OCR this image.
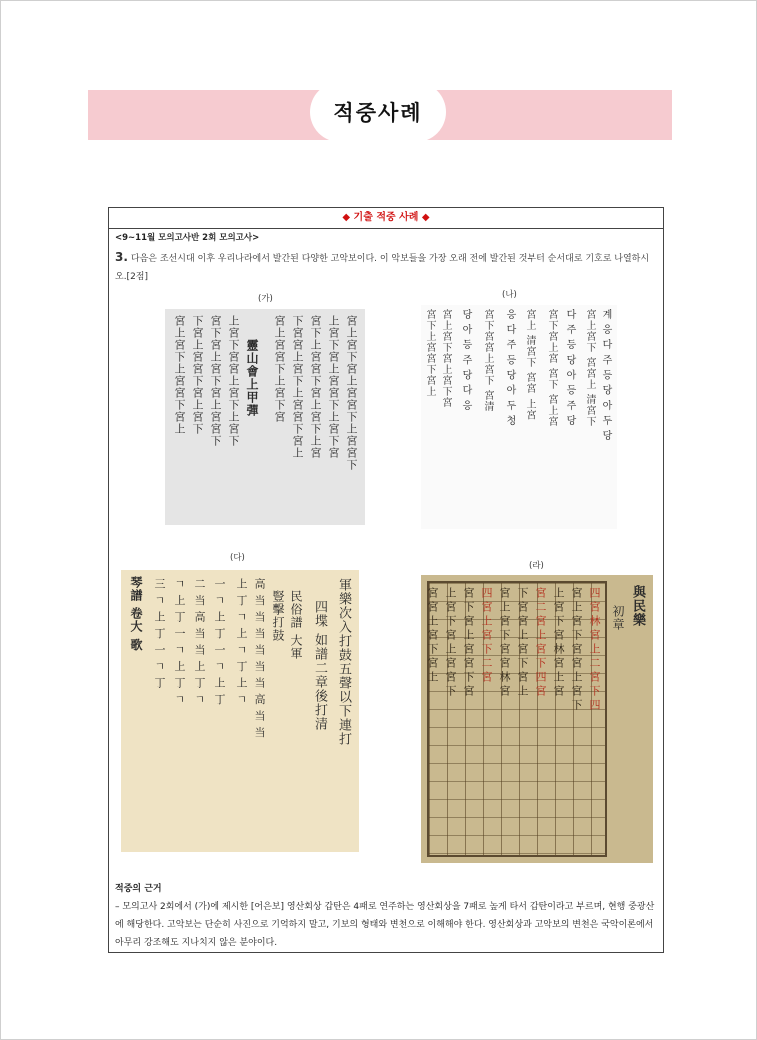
적중사례
◆ 기출 적중 사례 ◆
<9~11월 모의고사반 2회 모의고사>
3. 다음은 조선시대 이후 우리나라에서 발간된 다양한 고악보이다. 이 악보들을 가장 오래 전에 발간된 것부터 순서대로 기호로 나열하시오.[2점]
(가)
宮上宮下宮上宮宮下上宮宮下
上宮下宮上宮宮下上宮下宮
宮下上宮宮下宮上宮下上宮
下宮宮上宮下上宮宮下宮上
宮上宮宮下上宮下宮
靈山會上甲彈
上宮下宮宮上宮下上宮下
宮下宮上宮下宮上宮宮下
下宮上宮宮下宮上宮下
宮上宮下上宮宮下宮上
(나)
계 응 다 주 등 당 아 두 당
宮上宮下 宮宮上 清宮下
다 주 등 당 아 등 주 당
宮下宮上宮 宮下 宮上宮
宮上 清宮下 宮宮 上宮
응 다 주 등 당 아 두 청
宮下宮宮上宮下 宮清
당 아 등 주 당 다 응
宮上宮下宮上宮下宮
宮下上宮宮下宮上
(다)
軍樂次入打鼓五聲以下連打
四堞 如譜二章後打清
民俗譜 大軍
豎擊打鼓
高 当 当 当 当 当 当 高 当 当
上 丁 ㄱ 上 ㄱ 丁 上 ㄱ
一 ㄱ 上 丁 一 ㄱ 上 丁
二 当 高 当 当 上 丁 ㄱ
ㄱ 上 丁 一 ㄱ 上 丁 ㄱ
三 ㄱ 上 丁 一 ㄱ 丁
琴譜 卷大 歌
(라)
與民樂
初章
四宮林宮上二宮下四
宮上宮下宮宮上宮下
上宮下宮林宮上宮
宮二宮上宮下四宮
下宮宮上宮下宮上
宮上宮下宮宮林宮
四宮上宮下二宮
宮下宮上宮宮下宮
上宮下宮上宮宮下
宮宮上宮下宮上
적중의 근거
– 모의고사 2회에서 (가)에 제시한 [어은보] 영산회상 갑탄은 4패로 연주하는 영산회상을 7패로 높게 타서 갑탄이라고 부르며, 현행 중광산에 해당한다. 고악보는 단순히 사진으로 기억하지 말고, 기보의 형태와 변천으로 이해해야 한다. 영산회상과 고악보의 변천은 국악이론에서 아무리 강조해도 지나치지 않은 분야이다.
